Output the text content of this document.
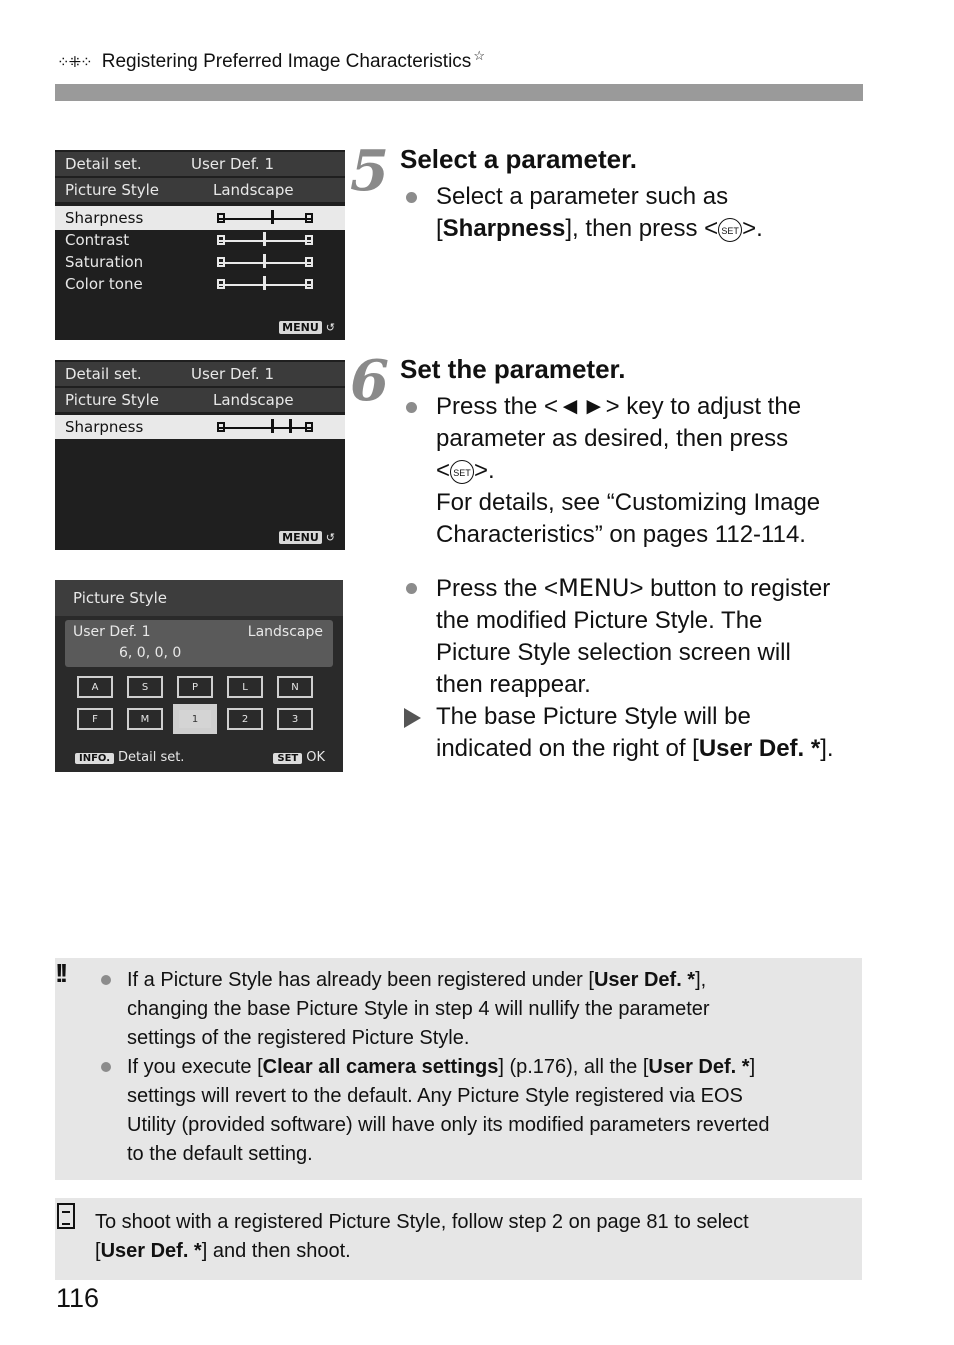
⁘⁜⁘ Registering Preferred Image Characteristics☆
Detail set.	User Def. 1
Picture Style	Landscape
Sharpness
Contrast
Saturation
Color tone
MENU ↺
Detail set.	User Def. 1
Picture Style	Landscape
Sharpness
MENU ↺
Picture Style
User Def. 1	Landscape
6, 0, 0, 0
A	S	P	L	N
F	M	1	2	3
INFO. Detail set.	SET OK
5 Select a parameter.
Select a parameter such as
[Sharpness], then press < SET >.
6 Set the parameter.
Press the <◄►> key to adjust the
parameter as desired, then press
< SET >.
For details, see “Customizing Image
Characteristics” on pages 112-114.
Press the <MENU> button to register
the modified Picture Style. The
Picture Style selection screen will
then reappear.
The base Picture Style will be
indicated on the right of [User Def. *].
!!	If a Picture Style has already been registered under [User Def. *],
changing the base Picture Style in step 4 will nullify the parameter
settings of the registered Picture Style.
If you execute [Clear all camera settings] (p.176), all the [User Def. *]
settings will revert to the default. Any Picture Style registered via EOS
Utility (provided software) will have only its modified parameters reverted
to the default setting.
To shoot with a registered Picture Style, follow step 2 on page 81 to select
[User Def. *] and then shoot.
116
